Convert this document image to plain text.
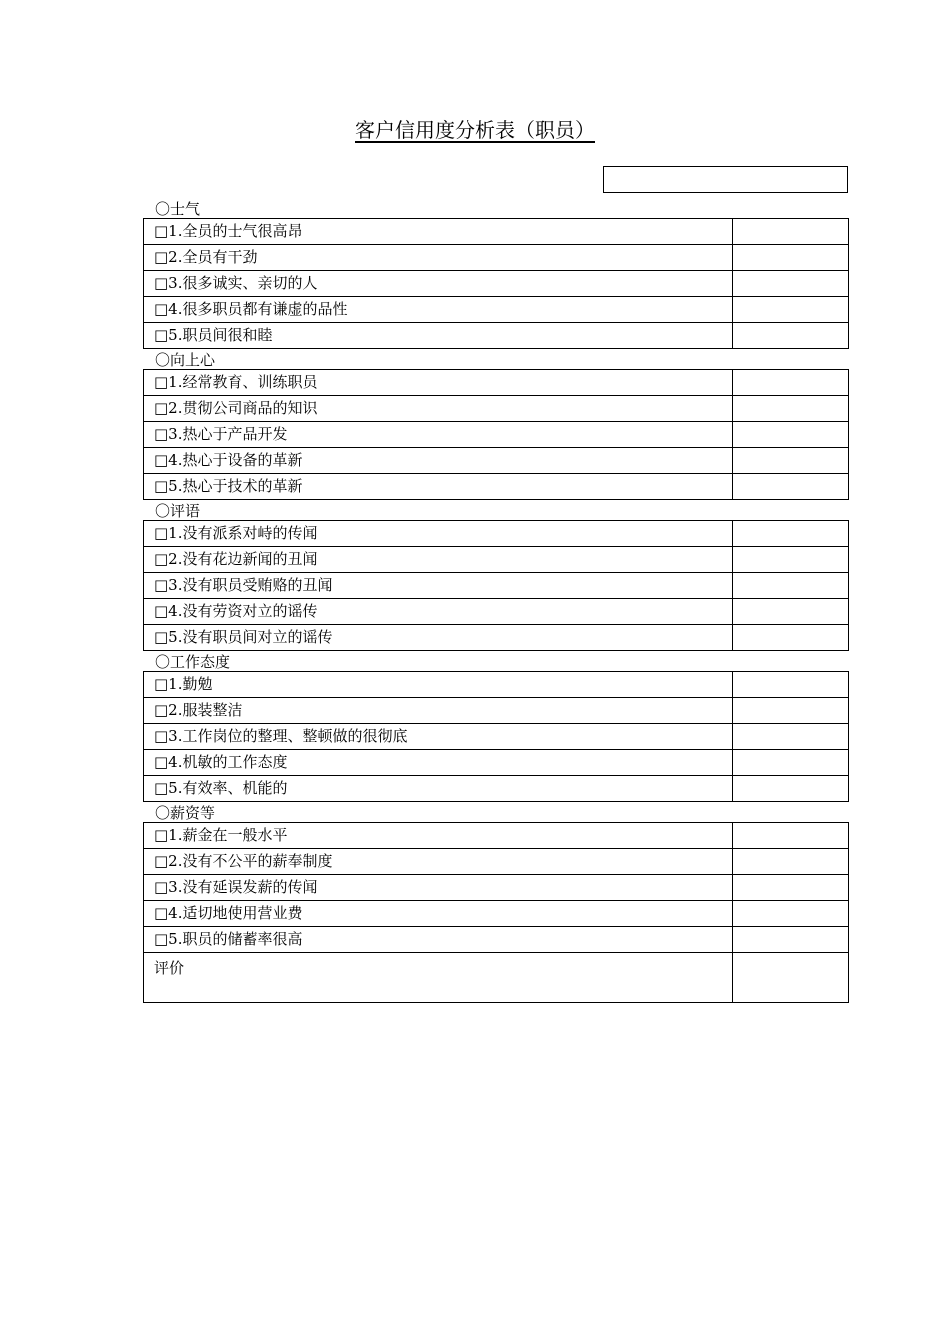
客户信用度分析表（职员）
〇士气
□1.全员的士气很高昂	
□2.全员有干劲	
□3.很多诚实、亲切的人	
□4.很多职员都有谦虚的品性	
□5.职员间很和睦	
〇向上心
□1.经常教育、训练职员	
□2.贯彻公司商品的知识	
□3.热心于产品开发	
□4.热心于设备的革新	
□5.热心于技术的革新	
〇评语
□1.没有派系对峙的传闻	
□2.没有花边新闻的丑闻	
□3.没有职员受贿赂的丑闻	
□4.没有劳资对立的谣传	
□5.没有职员间对立的谣传	
〇工作态度
□1.勤勉	
□2.服装整洁	
□3.工作岗位的整理、整顿做的很彻底	
□4.机敏的工作态度	
□5.有效率、机能的	
〇薪资等
□1.薪金在一般水平	
□2.没有不公平的薪奉制度	
□3.没有延误发薪的传闻	
□4.适切地使用营业费	
□5.职员的储蓄率很高	
评价	
